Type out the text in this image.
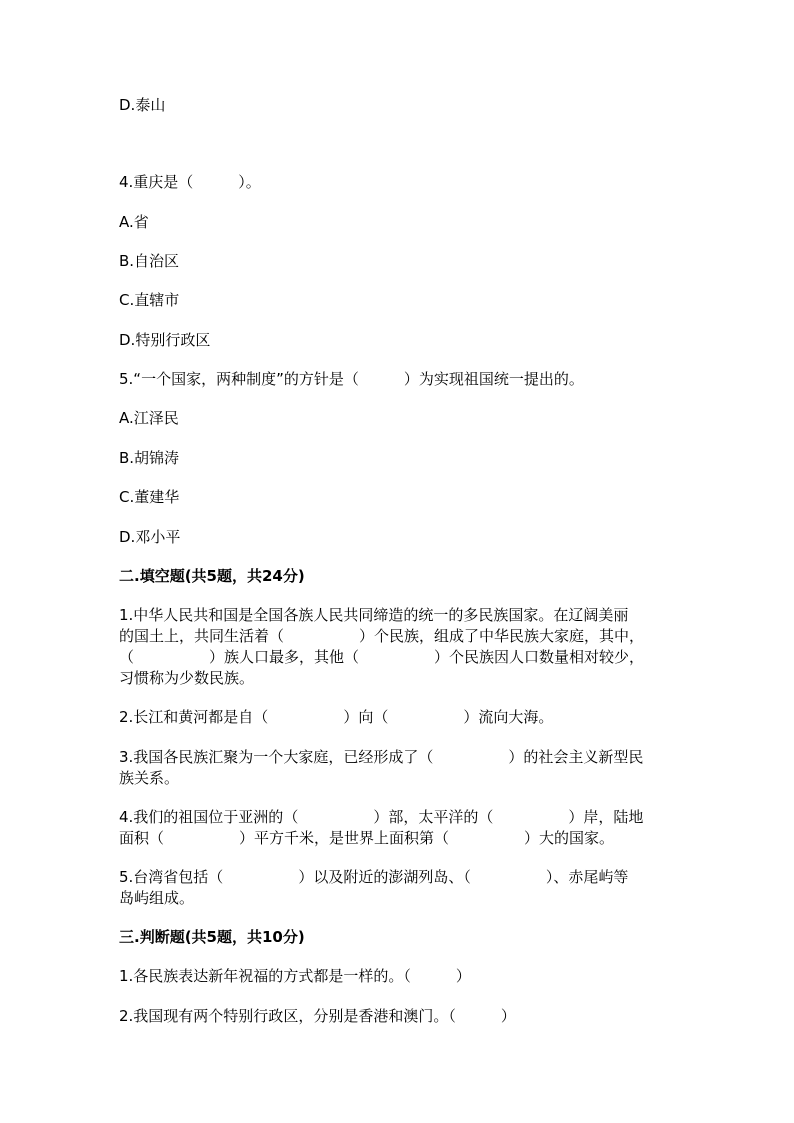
D.泰山
4.重庆是（　　　）。
A.省
B.自治区
C.直辖市
D.特别行政区
5.“一个国家，两种制度”的方针是（　　　）为实现祖国统一提出的。
A.江泽民
B.胡锦涛
C.董建华
D.邓小平
二.填空题(共5题，共24分)
1.中华人民共和国是全国各族人民共同缔造的统一的多民族国家。在辽阔美丽
的国土上，共同生活着（　　　　　）个民族，组成了中华民族大家庭，其中，
（　　　　　）族人口最多，其他（　　　　　）个民族因人口数量相对较少，
习惯称为少数民族。
2.长江和黄河都是自（　　　　　）向（　　　　　）流向大海。
3.我国各民族汇聚为一个大家庭，已经形成了（　　　　　）的社会主义新型民
族关系。
4.我们的祖国位于亚洲的（　　　　　）部，太平洋的（　　　　　）岸，陆地
面积（　　　　　）平方千米，是世界上面积第（　　　　　）大的国家。
5.台湾省包括（　　　　　）以及附近的澎湖列岛、（　　　　　）、赤尾屿等
岛屿组成。
三.判断题(共5题，共10分)
1.各民族表达新年祝福的方式都是一样的。（　　　）
2.我国现有两个特别行政区，分别是香港和澳门。（　　　）
